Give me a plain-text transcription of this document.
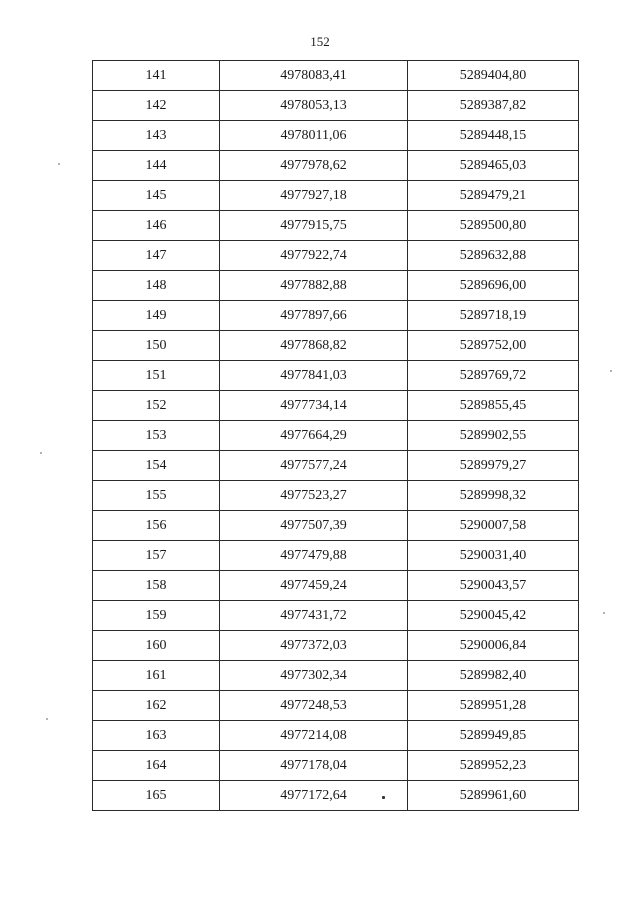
152
141	4978083,41	5289404,80
142	4978053,13	5289387,82
143	4978011,06	5289448,15
144	4977978,62	5289465,03
145	4977927,18	5289479,21
146	4977915,75	5289500,80
147	4977922,74	5289632,88
148	4977882,88	5289696,00
149	4977897,66	5289718,19
150	4977868,82	5289752,00
151	4977841,03	5289769,72
152	4977734,14	5289855,45
153	4977664,29	5289902,55
154	4977577,24	5289979,27
155	4977523,27	5289998,32
156	4977507,39	5290007,58
157	4977479,88	5290031,40
158	4977459,24	5290043,57
159	4977431,72	5290045,42
160	4977372,03	5290006,84
161	4977302,34	5289982,40
162	4977248,53	5289951,28
163	4977214,08	5289949,85
164	4977178,04	5289952,23
165	4977172,64	5289961,60
